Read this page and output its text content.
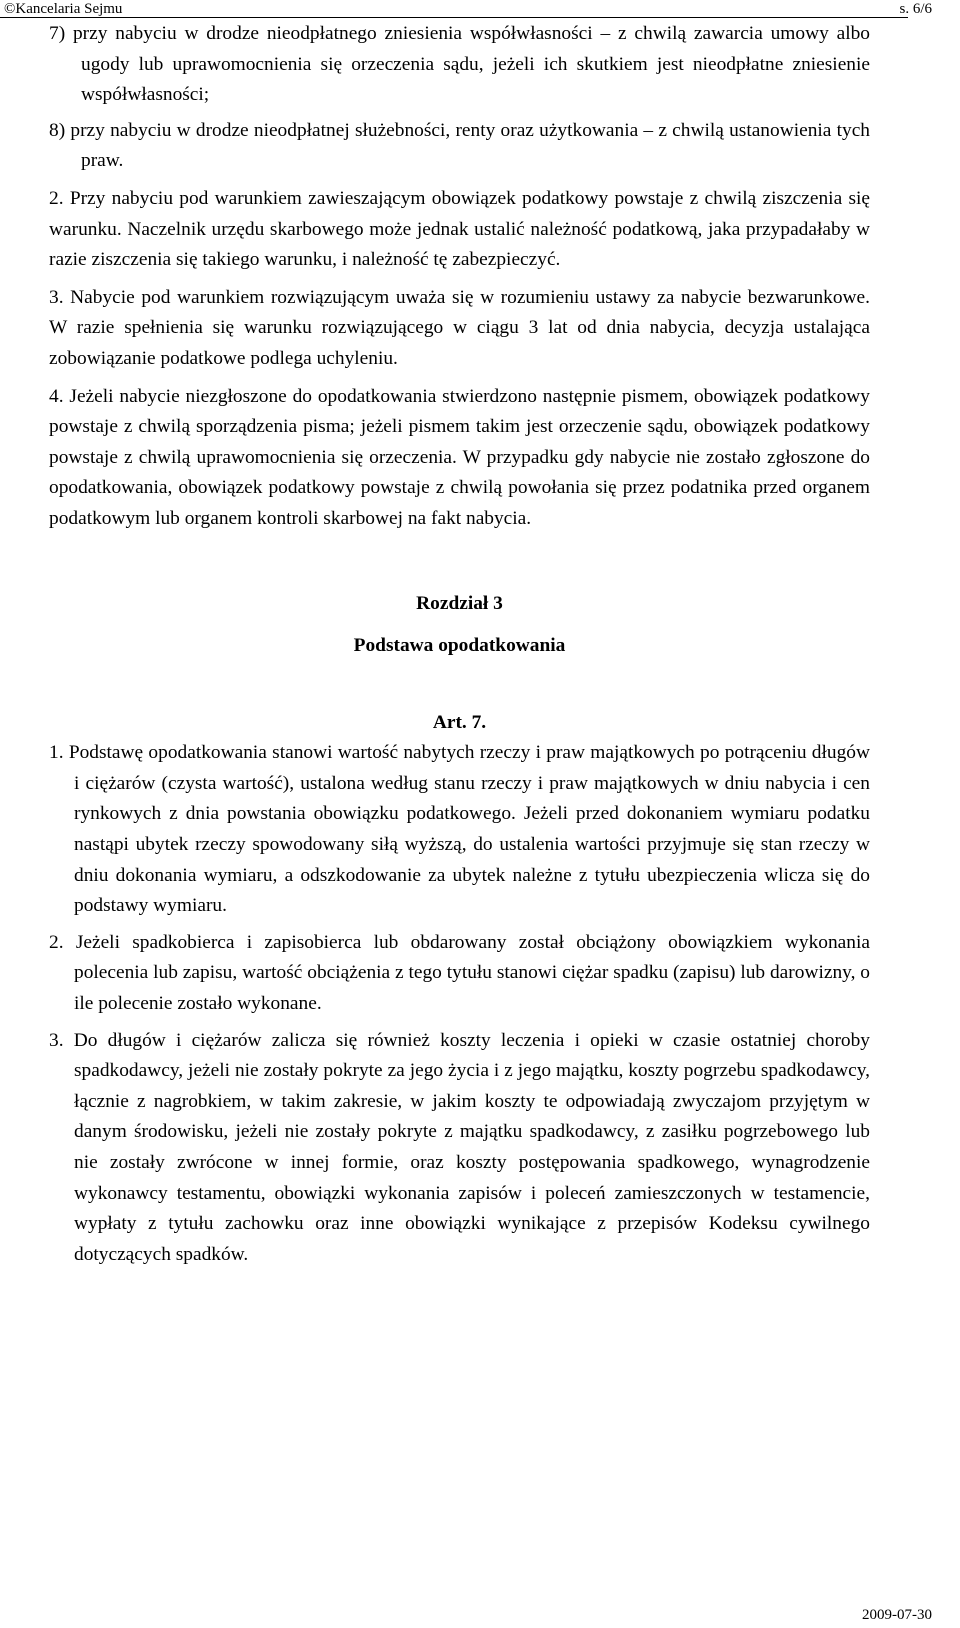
©Kancelaria Sejmu	s. 6/6

7) przy nabyciu w drodze nieodpłatnego zniesienia współwłasności – z chwilą zawarcia umowy albo ugody lub uprawomocnienia się orzeczenia sądu, jeżeli ich skutkiem jest nieodpłatne zniesienie współwłasności;

8) przy nabyciu w drodze nieodpłatnej służebności, renty oraz użytkowania – z chwilą ustanowienia tych praw.

2. Przy nabyciu pod warunkiem zawieszającym obowiązek podatkowy powstaje z chwilą ziszczenia się warunku. Naczelnik urzędu skarbowego może jednak ustalić należność podatkową, jaka przypadałaby w razie ziszczenia się takiego warunku, i należność tę zabezpieczyć.

3. Nabycie pod warunkiem rozwiązującym uważa się w rozumieniu ustawy za nabycie bezwarunkowe. W razie spełnienia się warunku rozwiązującego w ciągu 3 lat od dnia nabycia, decyzja ustalająca zobowiązanie podatkowe podlega uchyleniu.

4. Jeżeli nabycie niezgłoszone do opodatkowania stwierdzono następnie pismem, obowiązek podatkowy powstaje z chwilą sporządzenia pisma; jeżeli pismem takim jest orzeczenie sądu, obowiązek podatkowy powstaje z chwilą uprawomocnienia się orzeczenia. W przypadku gdy nabycie nie zostało zgłoszone do opodatkowania, obowiązek podatkowy powstaje z chwilą powołania się przez podatnika przed organem podatkowym lub organem kontroli skarbowej na fakt nabycia.

Rozdział 3

Podstawa opodatkowania

Art. 7.

1. Podstawę opodatkowania stanowi wartość nabytych rzeczy i praw majątkowych po potrąceniu długów i ciężarów (czysta wartość), ustalona według stanu rzeczy i praw majątkowych w dniu nabycia i cen rynkowych z dnia powstania obowiązku podatkowego. Jeżeli przed dokonaniem wymiaru podatku nastąpi ubytek rzeczy spowodowany siłą wyższą, do ustalenia wartości przyjmuje się stan rzeczy w dniu dokonania wymiaru, a odszkodowanie za ubytek należne z tytułu ubezpieczenia wlicza się do podstawy wymiaru.

2. Jeżeli spadkobierca i zapisobierca lub obdarowany został obciążony obowiązkiem wykonania polecenia lub zapisu, wartość obciążenia z tego tytułu stanowi ciężar spadku (zapisu) lub darowizny, o ile polecenie zostało wykonane.

3. Do długów i ciężarów zalicza się również koszty leczenia i opieki w czasie ostatniej choroby spadkodawcy, jeżeli nie zostały pokryte za jego życia i z jego majątku, koszty pogrzebu spadkodawcy, łącznie z nagrobkiem, w takim zakresie, w jakim koszty te odpowiadają zwyczajom przyjętym w danym środowisku, jeżeli nie zostały pokryte z majątku spadkodawcy, z zasiłku pogrzebowego lub nie zostały zwrócone w innej formie, oraz koszty postępowania spadkowego, wynagrodzenie wykonawcy testamentu, obowiązki wykonania zapisów i poleceń zamieszczonych w testamencie, wypłaty z tytułu zachowku oraz inne obowiązki wynikające z przepisów Kodeksu cywilnego dotyczących spadków.

2009-07-30
